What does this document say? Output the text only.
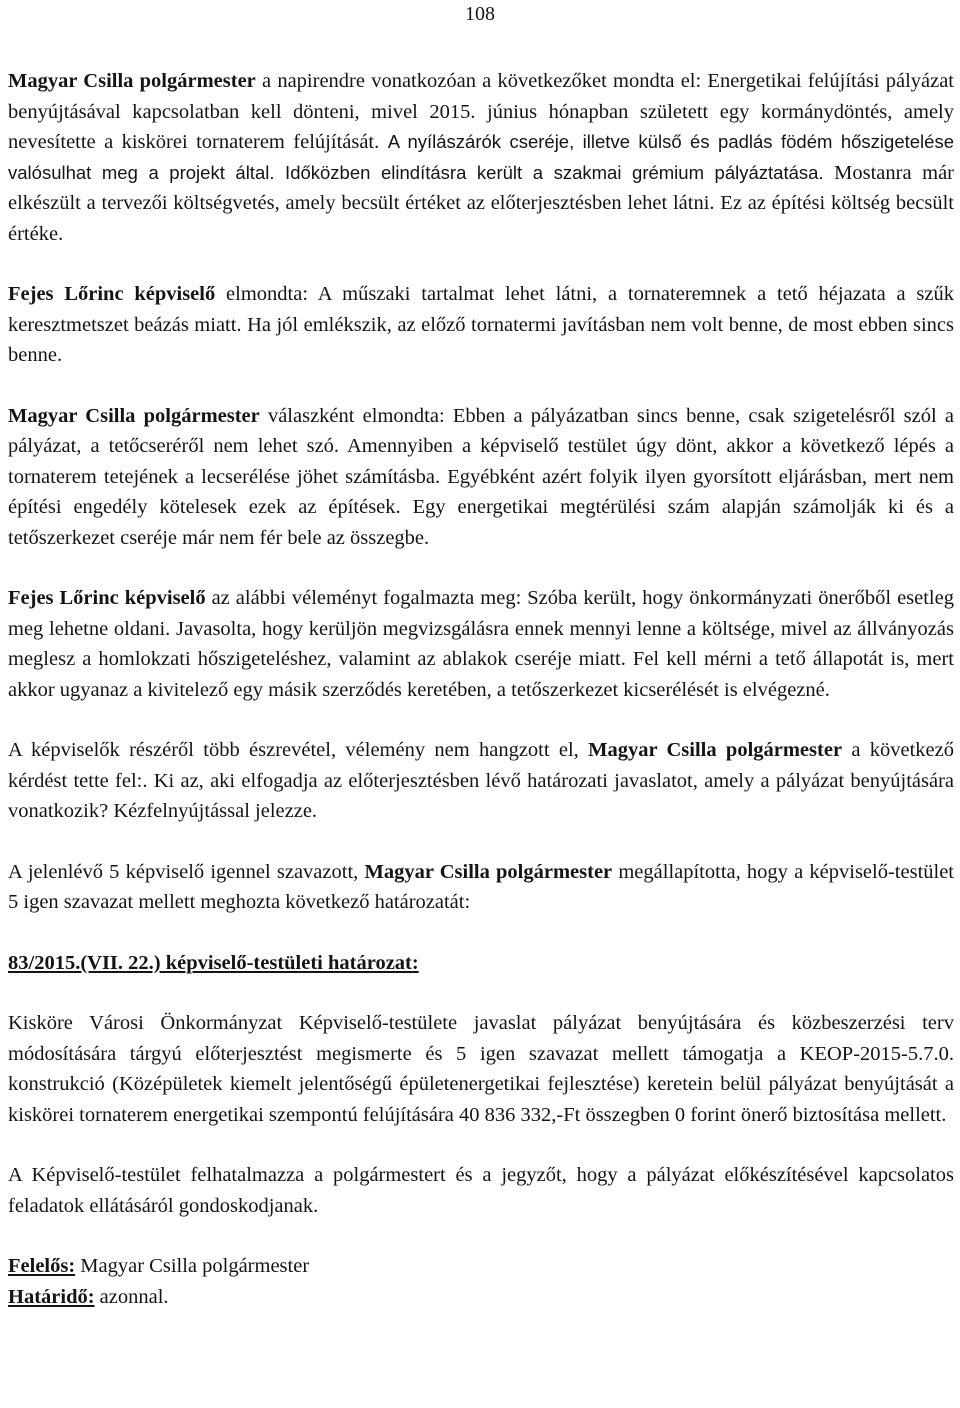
108

Magyar Csilla polgármester a napirendre vonatkozóan a következőket mondta el: Energetikai felújítási pályázat benyújtásával kapcsolatban kell dönteni, mivel 2015. június hónapban született egy kormánydöntés, amely nevesítette a kiskörei tornaterem felújítását. A nyílászárók cseréje, illetve külső és padlás födém hőszigetelése valósulhat meg a projekt által. Időközben elindításra került a szakmai grémium pályáztatása. Mostanra már elkészült a tervezői költségvetés, amely becsült értéket az előterjesztésben lehet látni. Ez az építési költség becsült értéke.

Fejes Lőrinc képviselő elmondta: A műszaki tartalmat lehet látni, a tornateremnek a tető héjazata a szűk keresztmetszet beázás miatt. Ha jól emlékszik, az előző tornatermi javításban nem volt benne, de most ebben sincs benne.

Magyar Csilla polgármester válaszként elmondta: Ebben a pályázatban sincs benne, csak szigetelésről szól a pályázat, a tetőcseréről nem lehet szó. Amennyiben a képviselő testület úgy dönt, akkor a következő lépés a tornaterem tetejének a lecserélése jöhet számításba. Egyébként azért folyik ilyen gyorsított eljárásban, mert nem építési engedély kötelesek ezek az építések. Egy energetikai megtérülési szám alapján számolják ki és a tetőszerkezet cseréje már nem fér bele az összegbe.

Fejes Lőrinc képviselő az alábbi véleményt fogalmazta meg: Szóba került, hogy önkormányzati önerőből esetleg meg lehetne oldani. Javasolta, hogy kerüljön megvizsgálásra ennek mennyi lenne a költsége, mivel az állványozás meglesz a homlokzati hőszigeteléshez, valamint az ablakok cseréje miatt. Fel kell mérni a tető állapotát is, mert akkor ugyanaz a kivitelező egy másik szerződés keretében, a tetőszerkezet kicserélését is elvégezné.

A képviselők részéről több észrevétel, vélemény nem hangzott el, Magyar Csilla polgármester a következő kérdést tette fel:. Ki az, aki elfogadja az előterjesztésben lévő határozati javaslatot, amely a pályázat benyújtására vonatkozik? Kézfelnyújtással jelezze.

A jelenlévő 5 képviselő igennel szavazott, Magyar Csilla polgármester megállapította, hogy a képviselő-testület 5 igen szavazat mellett meghozta következő határozatát:

83/2015.(VII. 22.) képviselő-testületi határozat:

Kisköre Városi Önkormányzat Képviselő-testülete javaslat pályázat benyújtására és közbeszerzési terv módosítására tárgyú előterjesztést megismerte és 5 igen szavazat mellett támogatja a KEOP-2015-5.7.0. konstrukció (Középületek kiemelt jelentőségű épületenergetikai fejlesztése) keretein belül pályázat benyújtását a kiskörei tornaterem energetikai szempontú felújítására 40 836 332,-Ft összegben 0 forint önerő biztosítása mellett.

A Képviselő-testület felhatalmazza a polgármestert és a jegyzőt, hogy a pályázat előkészítésével kapcsolatos feladatok ellátásáról gondoskodjanak.

Felelős: Magyar Csilla polgármester

Határidő: azonnal.
